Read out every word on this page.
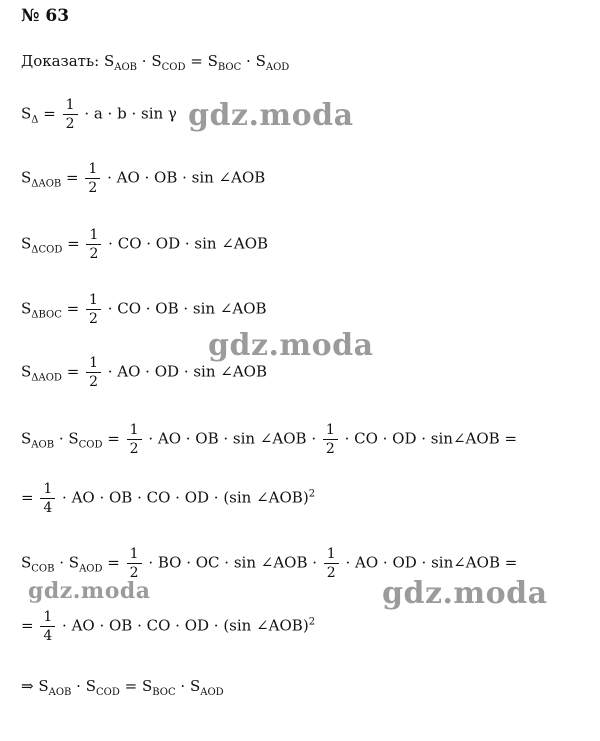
№ 63
Доказать: $S_{AOB} \cdot S_{COD} = S_{BOC} \cdot S_{AOD}$
$S_\Delta = \frac{1}{2} \cdot a \cdot b \cdot \sin \gamma$
$S_{\Delta AOB} = \frac{1}{2}$ · AO · OB · sin ∠AOB
$S_{\Delta COD} = \frac{1}{2}$ · CO · OD · sin ∠AOB
$S_{\Delta BOC} = \frac{1}{2}$ · CO · OB · sin ∠AOB
$S_{\Delta AOD} = \frac{1}{2}$ · AO · OD · sin ∠AOB
$S_{AOB} \cdot S_{COD} = \frac{1}{2}$ · AO · OB · sin ∠AOB · $\frac{1}{2}$ · CO · OD · sin∠AOB =
= $\frac{1}{4}$ · AO · OB · CO · OD · (sin ∠AOB)$^2$
$S_{COB} \cdot S_{AOD} = \frac{1}{2}$ · BO · OC · sin ∠AOB · $\frac{1}{2}$ · AO · OD · sin∠AOB =
= $\frac{1}{4}$ · AO · OB · CO · OD · (sin ∠AOB)$^2$
⇒ $S_{AOB} \cdot S_{COD} = S_{BOC} \cdot S_{AOD}$
gdz.moda
gdz.moda
gdz.moda	gdz.moda
